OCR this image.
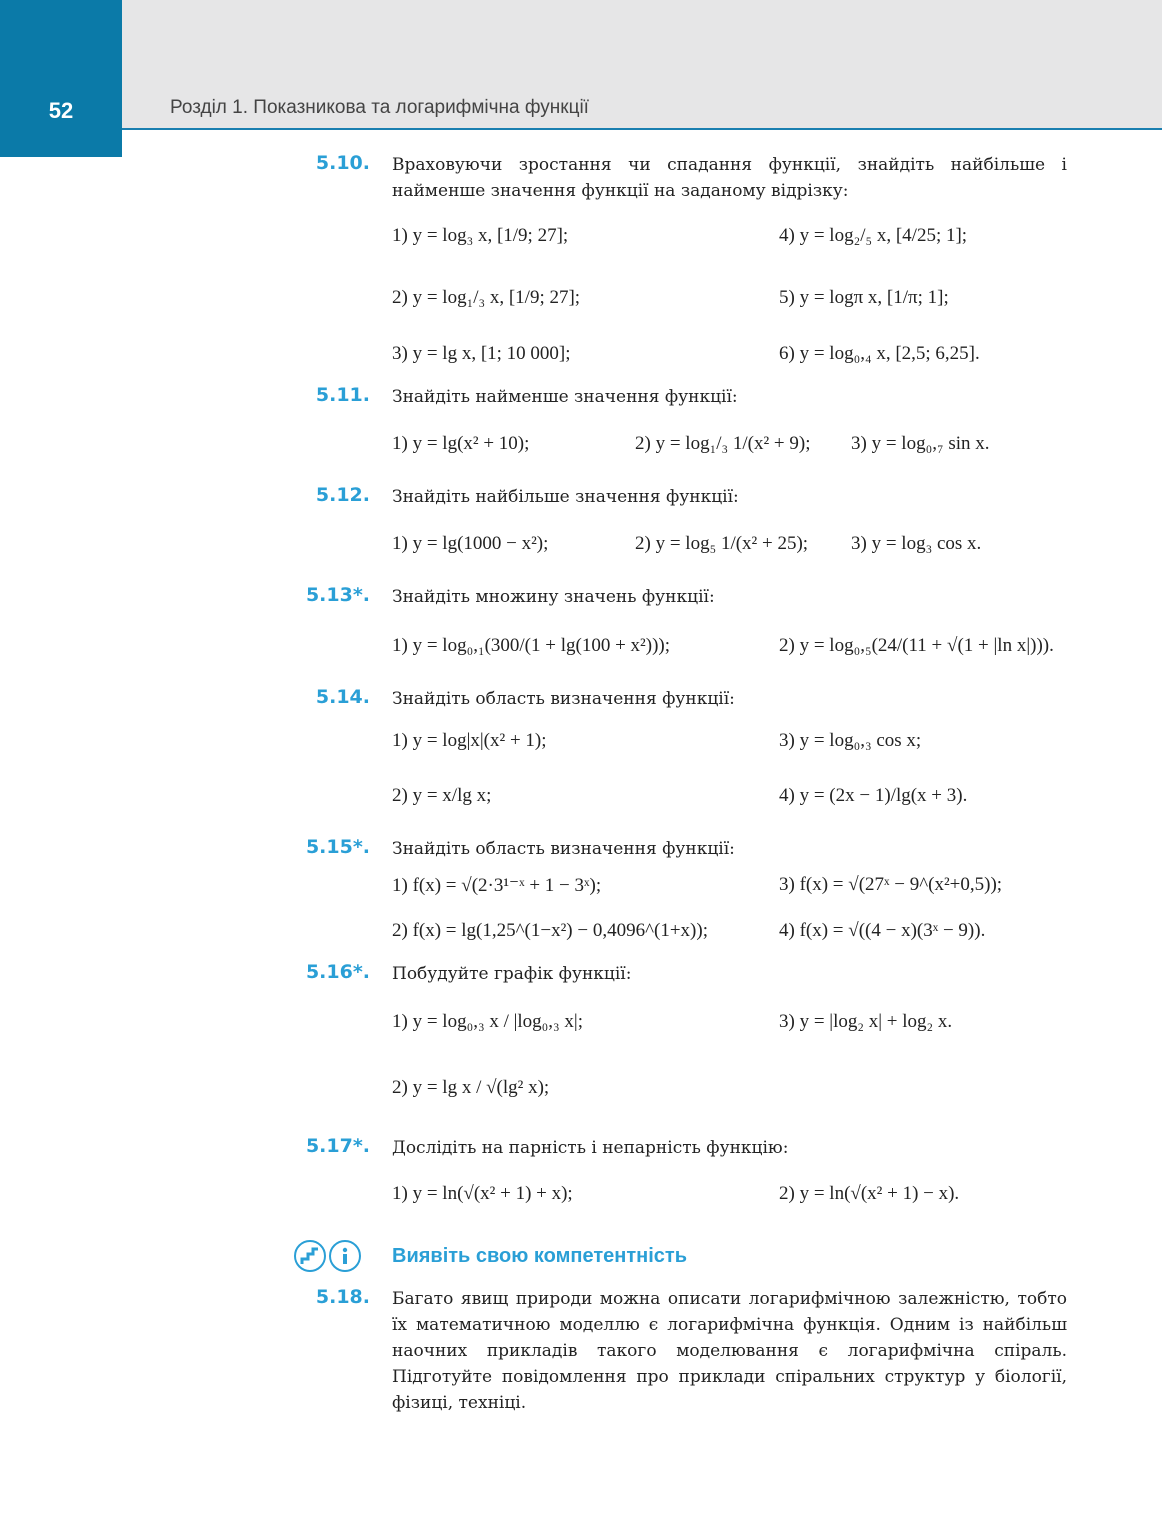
52	Розділ 1. Показникова та логарифмічна функції
5.10. Враховуючи зростання чи спадання функції, знайдіть найбільше і найменше значення функції на заданому відрізку:
1) y = log₃ x, [1/9; 27];	4) y = log₂/₅ x, [4/25; 1];
2) y = log₁/₃ x, [1/9; 27];	5) y = logπ x, [1/π; 1];
3) y = lg x, [1; 10 000];	6) y = log₀,₄ x, [2,5; 6,25].
5.11. Знайдіть найменше значення функції:
1) y = lg(x² + 10);	2) y = log₁/₃ 1/(x² + 9); 3) y = log₀,₇ sin x.
5.12. Знайдіть найбільше значення функції:
1) y = lg(1000 − x²);	2) y = log₅ 1/(x² + 25); 3) y = log₃ cos x.
5.13*. Знайдіть множину значень функції:
1) y = log₀,₁(300/(1 + lg(100 + x²)));	2) y = log₀,₅(24/(11 + √(1 + |ln x|))).
5.14. Знайдіть область визначення функції:
1) y = log|x|(x² + 1);	3) y = log₀,₃ cos x;
2) y = x/lg x;	4) y = (2x − 1)/lg(x + 3).
5.15*. Знайдіть область визначення функції:
1) f(x) = √(2·3¹⁻ˣ + 1 − 3ˣ);	3) f(x) = √(27ˣ − 9^(x²+0,5));
2) f(x) = lg(1,25^(1−x²) − 0,4096^(1+x));	4) f(x) = √((4 − x)(3ˣ − 9)).
5.16*. Побудуйте графік функції:
1) y = log₀,₃ x / |log₀,₃ x|;	3) y = |log₂ x| + log₂ x.
2) y = lg x / √(lg² x);
5.17*. Дослідіть на парність і непарність функцію:
1) y = ln(√(x² + 1) + x);	2) y = ln(√(x² + 1) − x).
Виявіть свою компетентність
5.18. Багато явищ природи можна описати логарифмічною залежністю, тобто їх математичною моделлю є логарифмічна функція. Одним із найбільш наочних прикладів такого моделювання є логарифмічна спіраль. Підготуйте повідомлення про приклади спіральних структур у біології, фізиці, техніці.
